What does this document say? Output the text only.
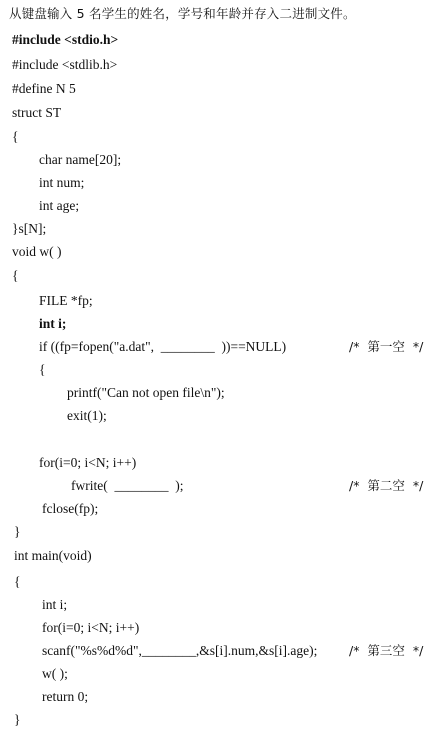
从键盘输入 5 名学生的姓名，学号和年龄并存入二进制文件。
#include <stdio.h>
#include <stdlib.h>
#define N 5
struct ST
{
char name[20];
int num;
int age;
}s[N];
void w( )
{
FILE *fp;
int i;
if ((fp=fopen("a.dat",  ________  ))==NULL)	/*  第一空  */
{
printf("Can not open file\n");
exit(1);
for(i=0; i<N; i++)
fwrite(  ________  );	/*  第二空  */
fclose(fp);
}
int main(void)
{
int i;
for(i=0; i<N; i++)
scanf("%s%d%d",________,&s[i].num,&s[i].age);	/*  第三空  */
w( );
return 0;
}
